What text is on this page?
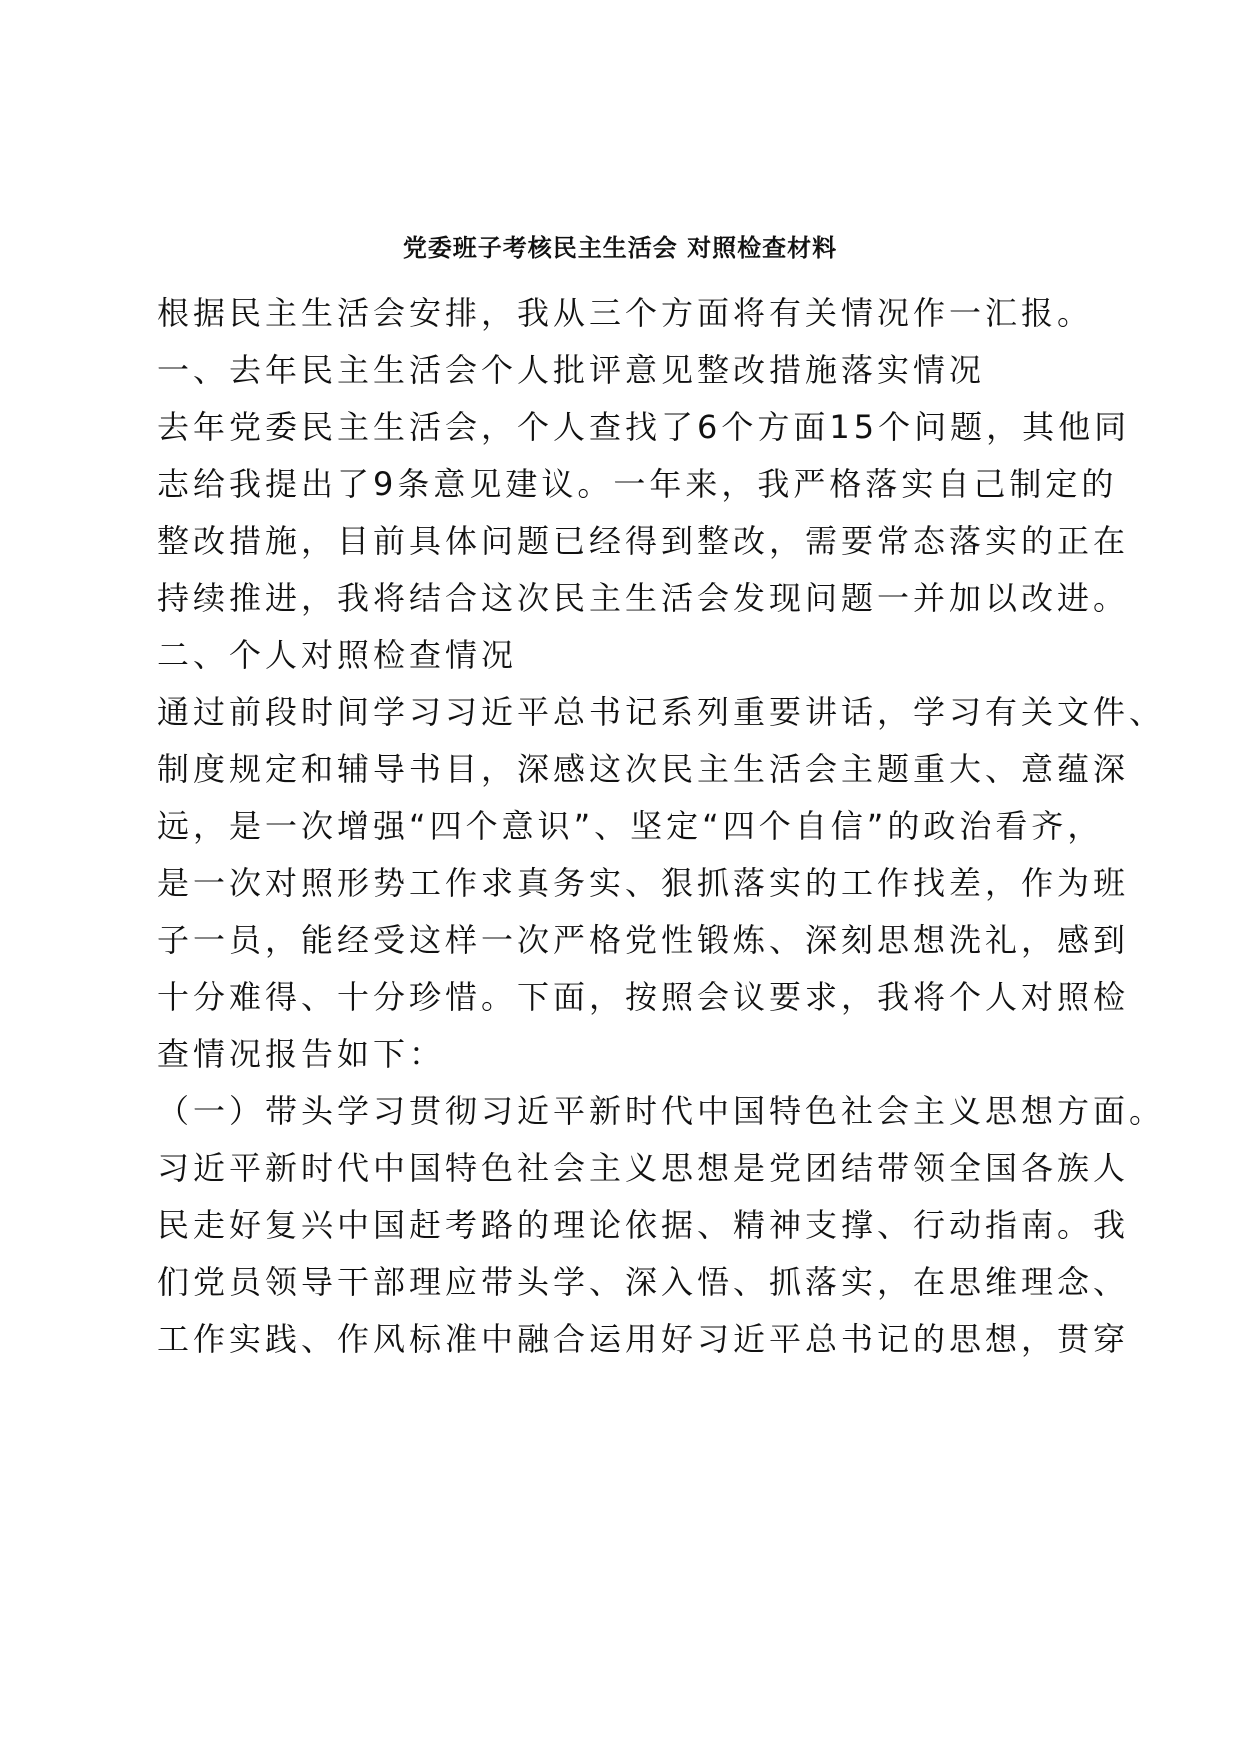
党委班子考核民主生活会 对照检查材料
根据民主生活会安排，我从三个方面将有关情况作一汇报。
一、去年民主生活会个人批评意见整改措施落实情况
去年党委民主生活会，个人查找了6个方面15个问题，其他同
志给我提出了9条意见建议。一年来，我严格落实自己制定的
整改措施，目前具体问题已经得到整改，需要常态落实的正在
持续推进，我将结合这次民主生活会发现问题一并加以改进。
二、个人对照检查情况
通过前段时间学习习近平总书记系列重要讲话，学习有关文件、
制度规定和辅导书目，深感这次民主生活会主题重大、意蕴深
远，是一次增强“四个意识”、坚定“四个自信”的政治看齐，
是一次对照形势工作求真务实、狠抓落实的工作找差，作为班
子一员，能经受这样一次严格党性锻炼、深刻思想洗礼，感到
十分难得、十分珍惜。下面，按照会议要求，我将个人对照检
查情况报告如下：
（一）带头学习贯彻习近平新时代中国特色社会主义思想方面。
习近平新时代中国特色社会主义思想是党团结带领全国各族人
民走好复兴中国赶考路的理论依据、精神支撑、行动指南。我
们党员领导干部理应带头学、深入悟、抓落实，在思维理念、
工作实践、作风标准中融合运用好习近平总书记的思想，贯穿
